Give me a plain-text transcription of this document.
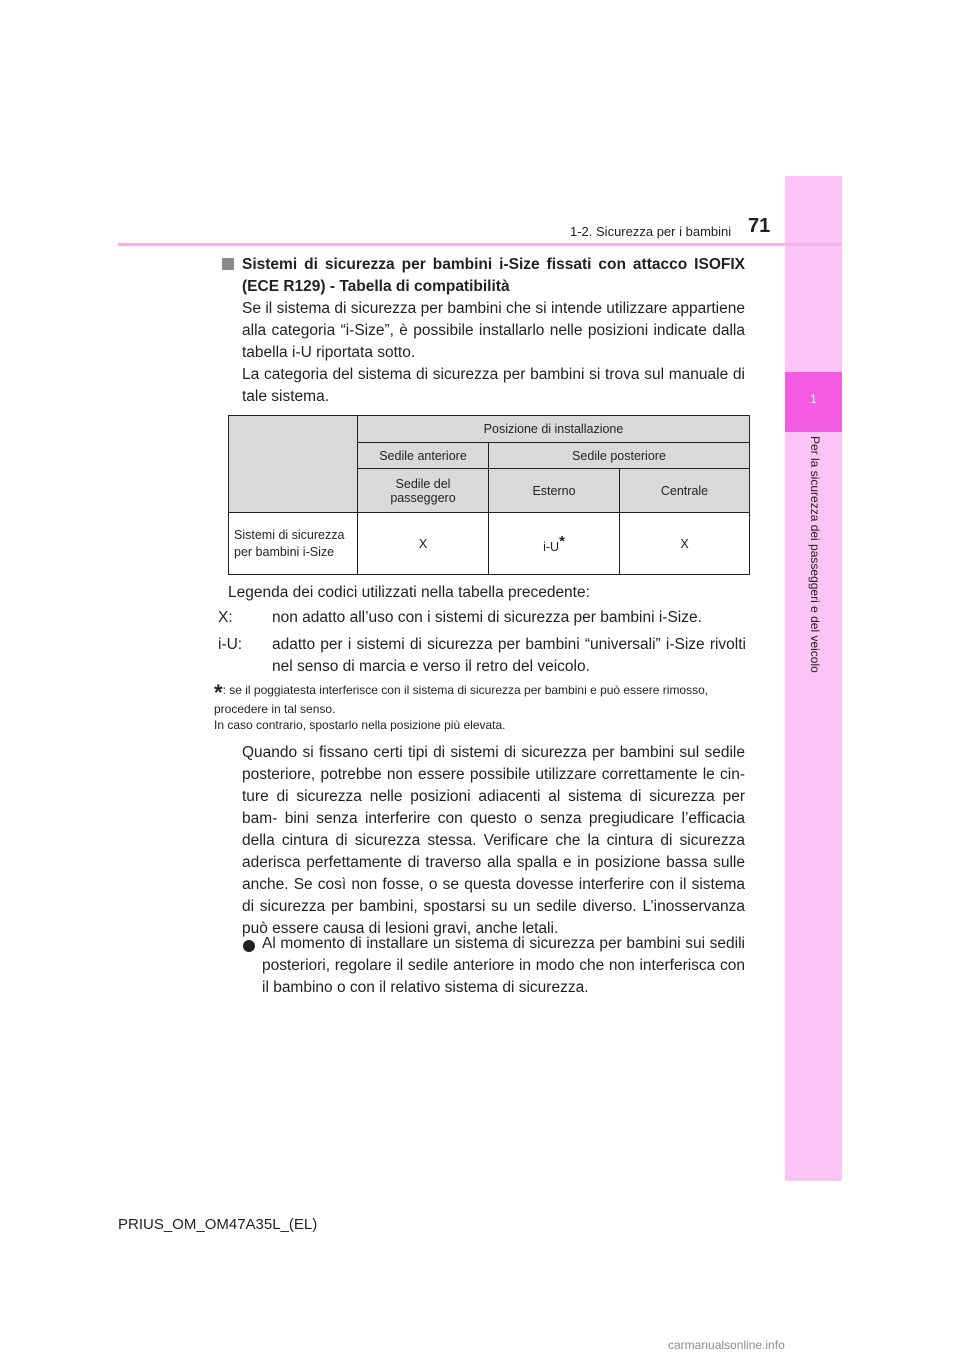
1
Per la sicurezza dei passeggeri e del veicolo
1-2. Sicurezza per i bambini 71
Sistemi di sicurezza per bambini i-Size fissati con attacco ISOFIX (ECE R129) - Tabella di compatibilità

Se il sistema di sicurezza per bambini che si intende utilizzare appartiene alla categoria “i-Size”, è possibile installarlo nelle posizioni indicate dalla tabella i-U riportata sotto.

La categoria del sistema di sicurezza per bambini si trova sul manuale di tale sistema.

	Posizione di installazione		
	Sedile anteriore	Sedile posteriore	
	Sedile del passeggero	Esterno	Centrale
Sistemi di sicurezza per bambini i-Size	X	i-U*	X
Legenda dei codici utilizzati nella tabella precedente:
X:	non adatto all’uso con i sistemi di sicurezza per bambini i-Size.
i-U: adatto per i sistemi di sicurezza per bambini “universali” i-Size rivolti nel senso di marcia e verso il retro del veicolo.
*: se il poggiatesta interferisce con il sistema di sicurezza per bambini e può essere rimosso, procedere in tal senso.
In caso contrario, spostarlo nella posizione più elevata.

Quando si fissano certi tipi di sistemi di sicurezza per bambini sul sedile posteriore, potrebbe non essere possibile utilizzare correttamente le cin- ture di sicurezza nelle posizioni adiacenti al sistema di sicurezza per bam- bini senza interferire con questo o senza pregiudicare l’efficacia della cintura di sicurezza stessa. Verificare che la cintura di sicurezza aderisca perfettamente di traverso alla spalla e in posizione bassa sulle anche. Se così non fosse, o se questa dovesse interferire con il sistema di sicurezza per bambini, spostarsi su un sedile diverso. L’inosservanza può essere causa di lesioni gravi, anche letali.

Al momento di installare un sistema di sicurezza per bambini sui sedili posteriori, regolare il sedile anteriore in modo che non interferisca con il bambino o con il relativo sistema di sicurezza.
PRIUS_OM_OM47A35L_(EL)
carmanualsonline.info
